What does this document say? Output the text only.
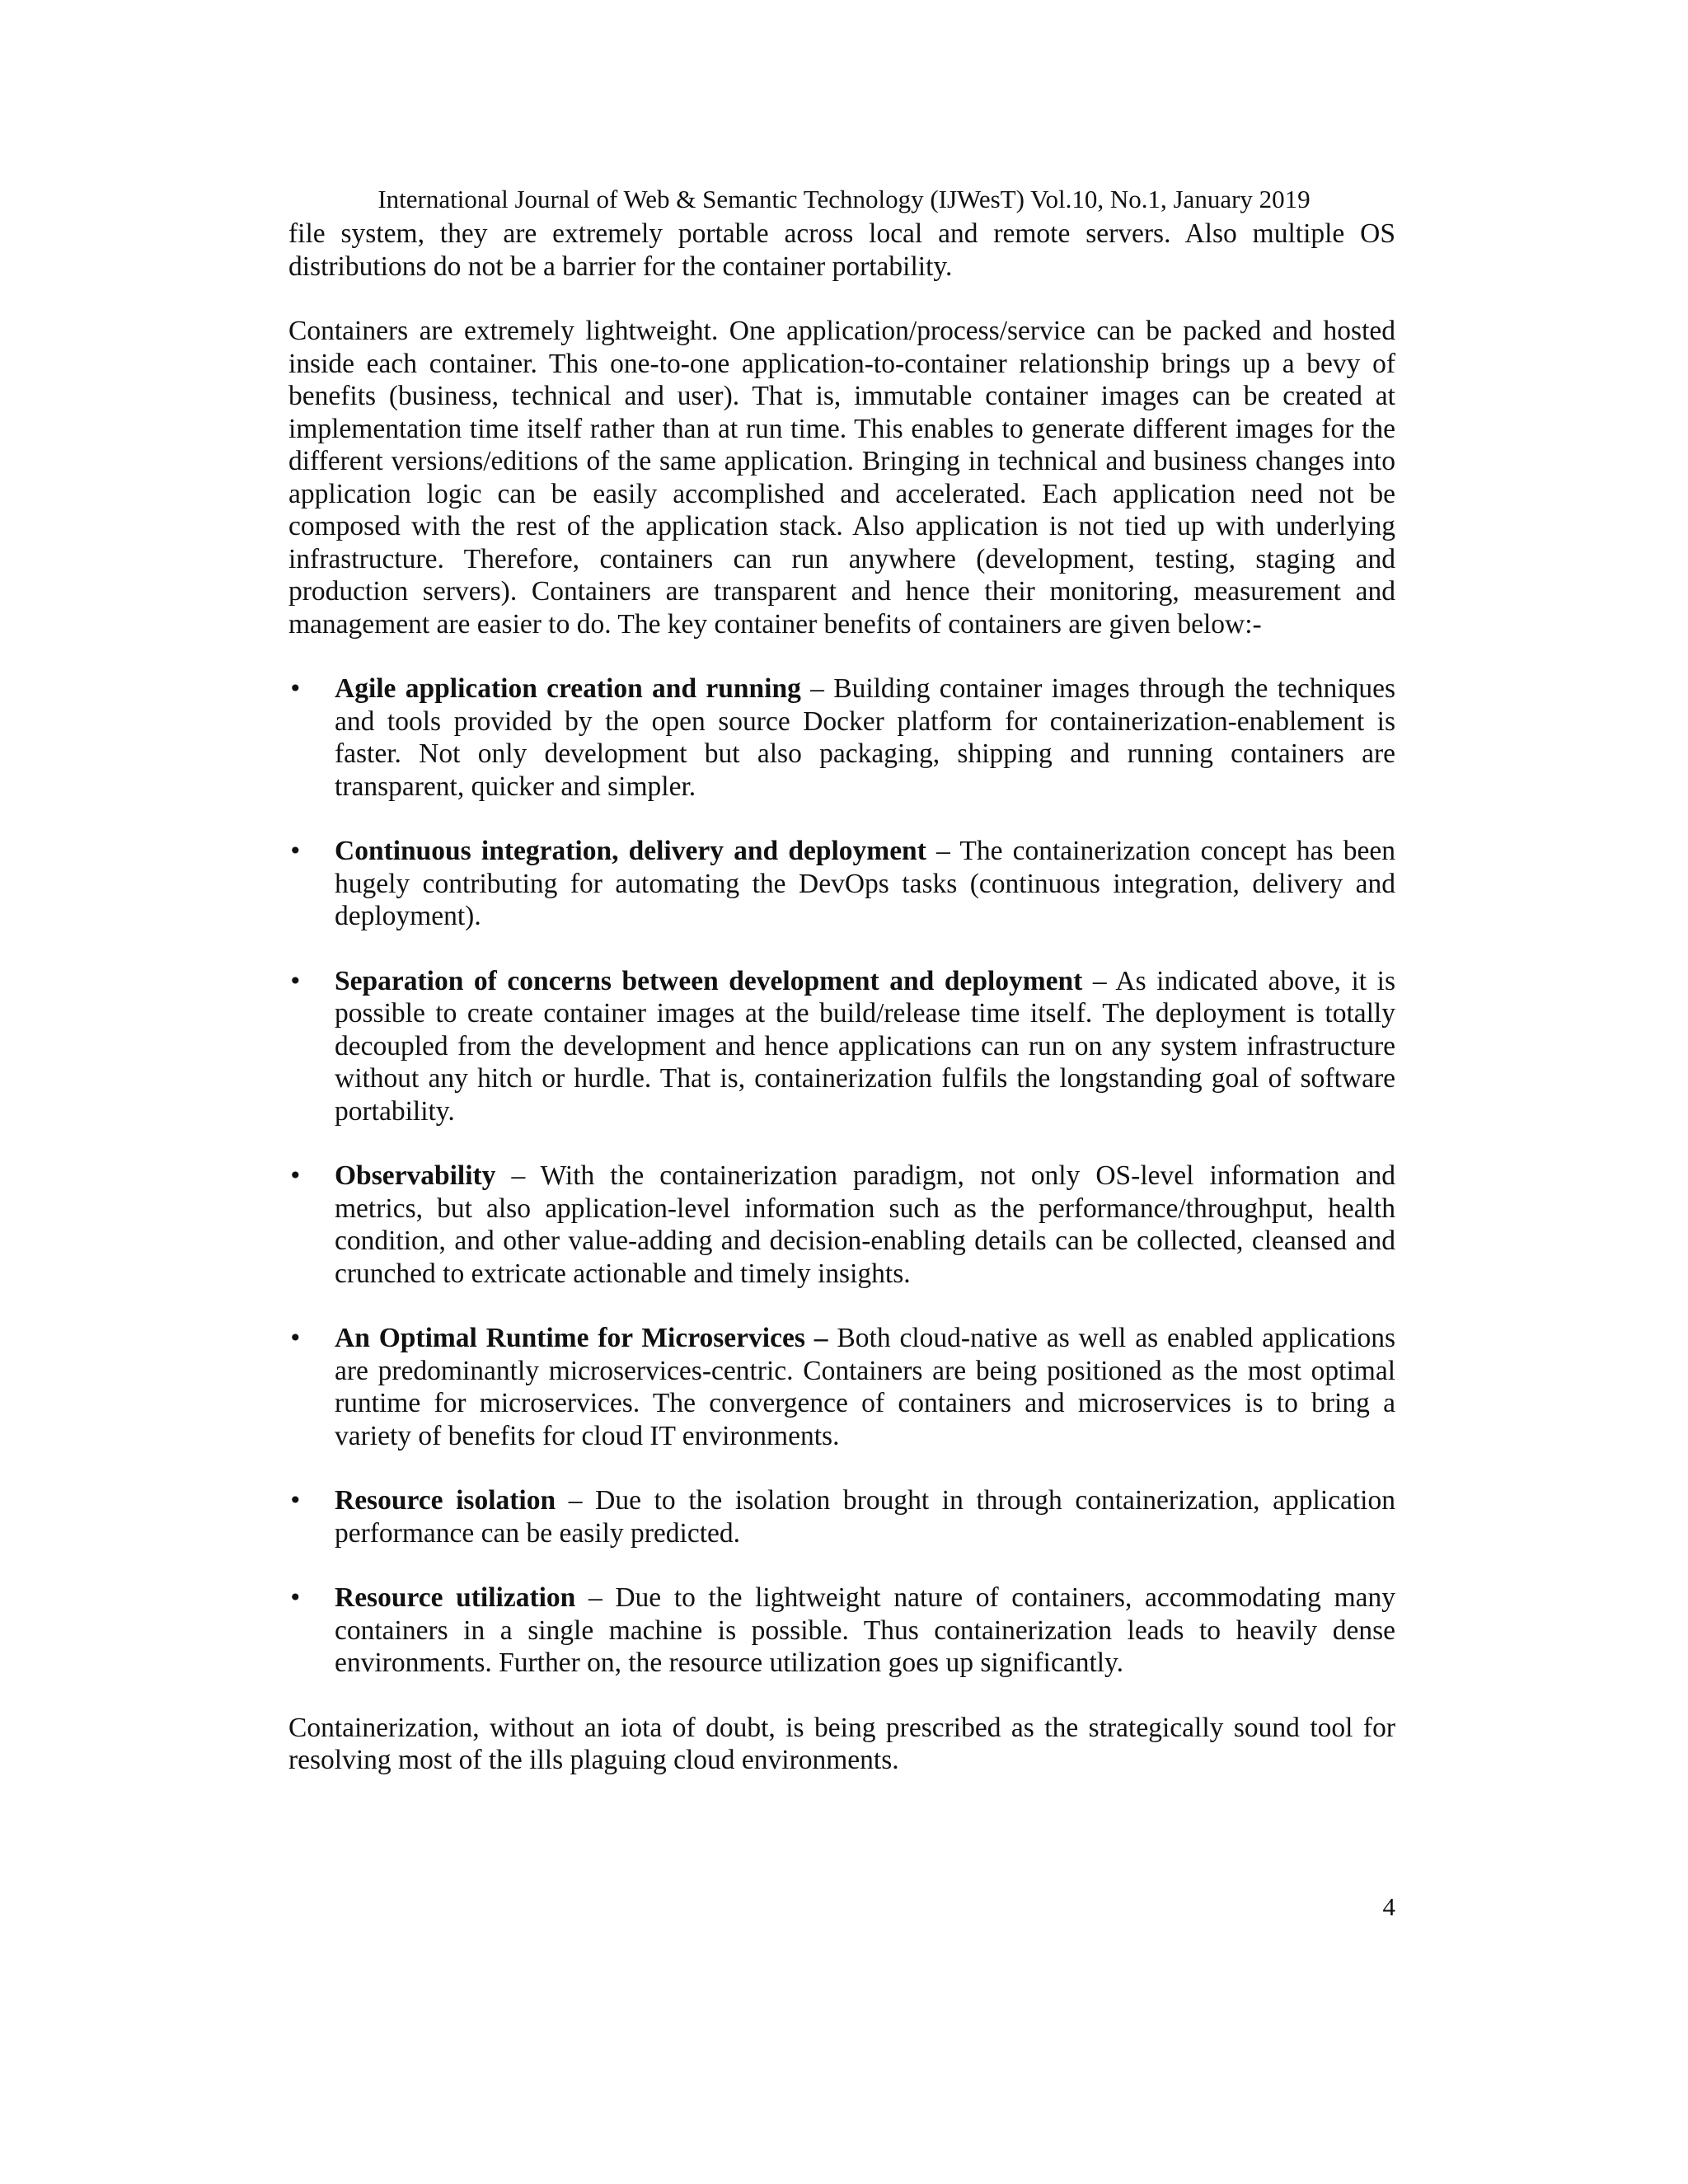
International Journal of Web & Semantic Technology (IJWesT) Vol.10, No.1, January 2019

file system, they are extremely portable across local and remote servers. Also multiple OS distributions do not be a barrier for the container portability.

Containers are extremely lightweight. One application/process/service can be packed and hosted inside each container. This one-to-one application-to-container relationship brings up a bevy of benefits (business, technical and user). That is, immutable container images can be created at implementation time itself rather than at run time. This enables to generate different images for the different versions/editions of the same application. Bringing in technical and business changes into application logic can be easily accomplished and accelerated. Each application need not be composed with the rest of the application stack. Also application is not tied up with underlying infrastructure. Therefore, containers can run anywhere (development, testing, staging and production servers). Containers are transparent and hence their monitoring, measurement and management are easier to do. The key container benefits of containers are given below:-

•	Agile application creation and running – Building container images through the techniques and tools provided by the open source Docker platform for containerization-enablement is faster. Not only development but also packaging, shipping and running containers are transparent, quicker and simpler.
•	Continuous integration, delivery and deployment – The containerization concept has been hugely contributing for automating the DevOps tasks (continuous integration, delivery and deployment).
•	Separation of concerns between development and deployment – As indicated above, it is possible to create container images at the build/release time itself. The deployment is totally decoupled from the development and hence applications can run on any system infrastructure without any hitch or hurdle. That is, containerization fulfils the longstanding goal of software portability.
•	Observability – With the containerization paradigm, not only OS-level information and metrics, but also application-level information such as the performance/throughput, health condition, and other value-adding and decision-enabling details can be collected, cleansed and crunched to extricate actionable and timely insights.
•	An Optimal Runtime for Microservices – Both cloud-native as well as enabled applications are predominantly microservices-centric. Containers are being positioned as the most optimal runtime for microservices. The convergence of containers and microservices is to bring a variety of benefits for cloud IT environments.
•	Resource isolation – Due to the isolation brought in through containerization, application performance can be easily predicted.
•	Resource utilization – Due to the lightweight nature of containers, accommodating many containers in a single machine is possible. Thus containerization leads to heavily dense environments. Further on, the resource utilization goes up significantly.

Containerization, without an iota of doubt, is being prescribed as the strategically sound tool for resolving most of the ills plaguing cloud environments.

4
